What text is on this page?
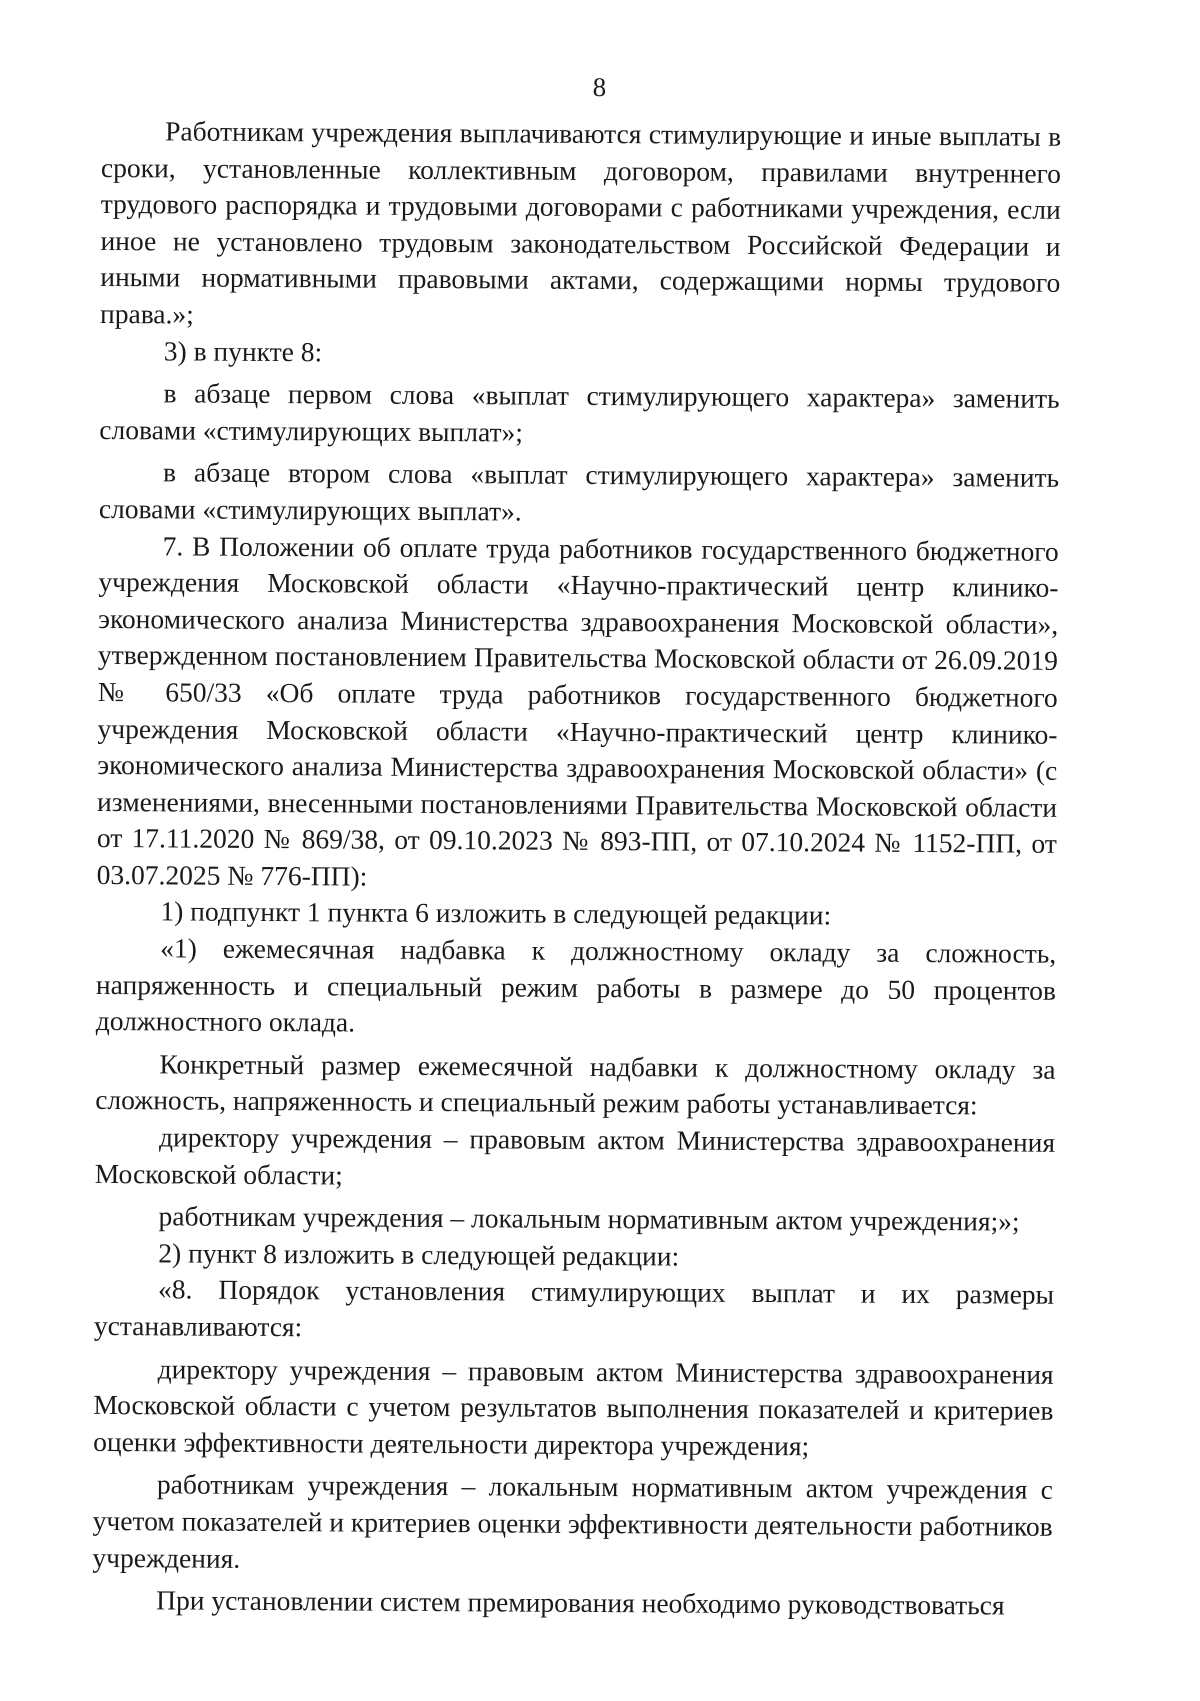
8

Работникам учреждения выплачиваются стимулирующие и иные выплаты в сроки, установленные коллективным договором, правилами внутреннего трудового распорядка и трудовыми договорами с работниками учреждения, если иное не установлено трудовым законодательством Российской Федерации и иными нормативными правовыми актами, содержащими нормы трудового права.»;

3) в пункте 8:

в абзаце первом слова «выплат стимулирующего характера» заменить словами «стимулирующих выплат»;

в абзаце втором слова «выплат стимулирующего характера» заменить словами «стимулирующих выплат».

7. В Положении об оплате труда работников государственного бюджетного учреждения Московской области «Научно-практический центр клинико-экономического анализа Министерства здравоохранения Московской области», утвержденном постановлением Правительства Московской области от 26.09.2019 № 650/33 «Об оплате труда работников государственного бюджетного учреждения Московской области «Научно-практический центр клинико-экономического анализа Министерства здравоохранения Московской области» (с изменениями, внесенными постановлениями Правительства Московской области от 17.11.2020 № 869/38, от 09.10.2023 № 893-ПП, от 07.10.2024 № 1152-ПП, от 03.07.2025 № 776-ПП):

1) подпункт 1 пункта 6 изложить в следующей редакции:

«1) ежемесячная надбавка к должностному окладу за сложность, напряженность и специальный режим работы в размере до 50 процентов должностного оклада.

Конкретный размер ежемесячной надбавки к должностному окладу за сложность, напряженность и специальный режим работы устанавливается:

директору учреждения – правовым актом Министерства здравоохранения Московской области;

работникам учреждения – локальным нормативным актом учреждения;»;

2) пункт 8 изложить в следующей редакции:

«8. Порядок установления стимулирующих выплат и их размеры устанавливаются:

директору учреждения – правовым актом Министерства здравоохранения Московской области с учетом результатов выполнения показателей и критериев оценки эффективности деятельности директора учреждения;

работникам учреждения – локальным нормативным актом учреждения с учетом показателей и критериев оценки эффективности деятельности работников учреждения.

При установлении систем премирования необходимо руководствоваться
